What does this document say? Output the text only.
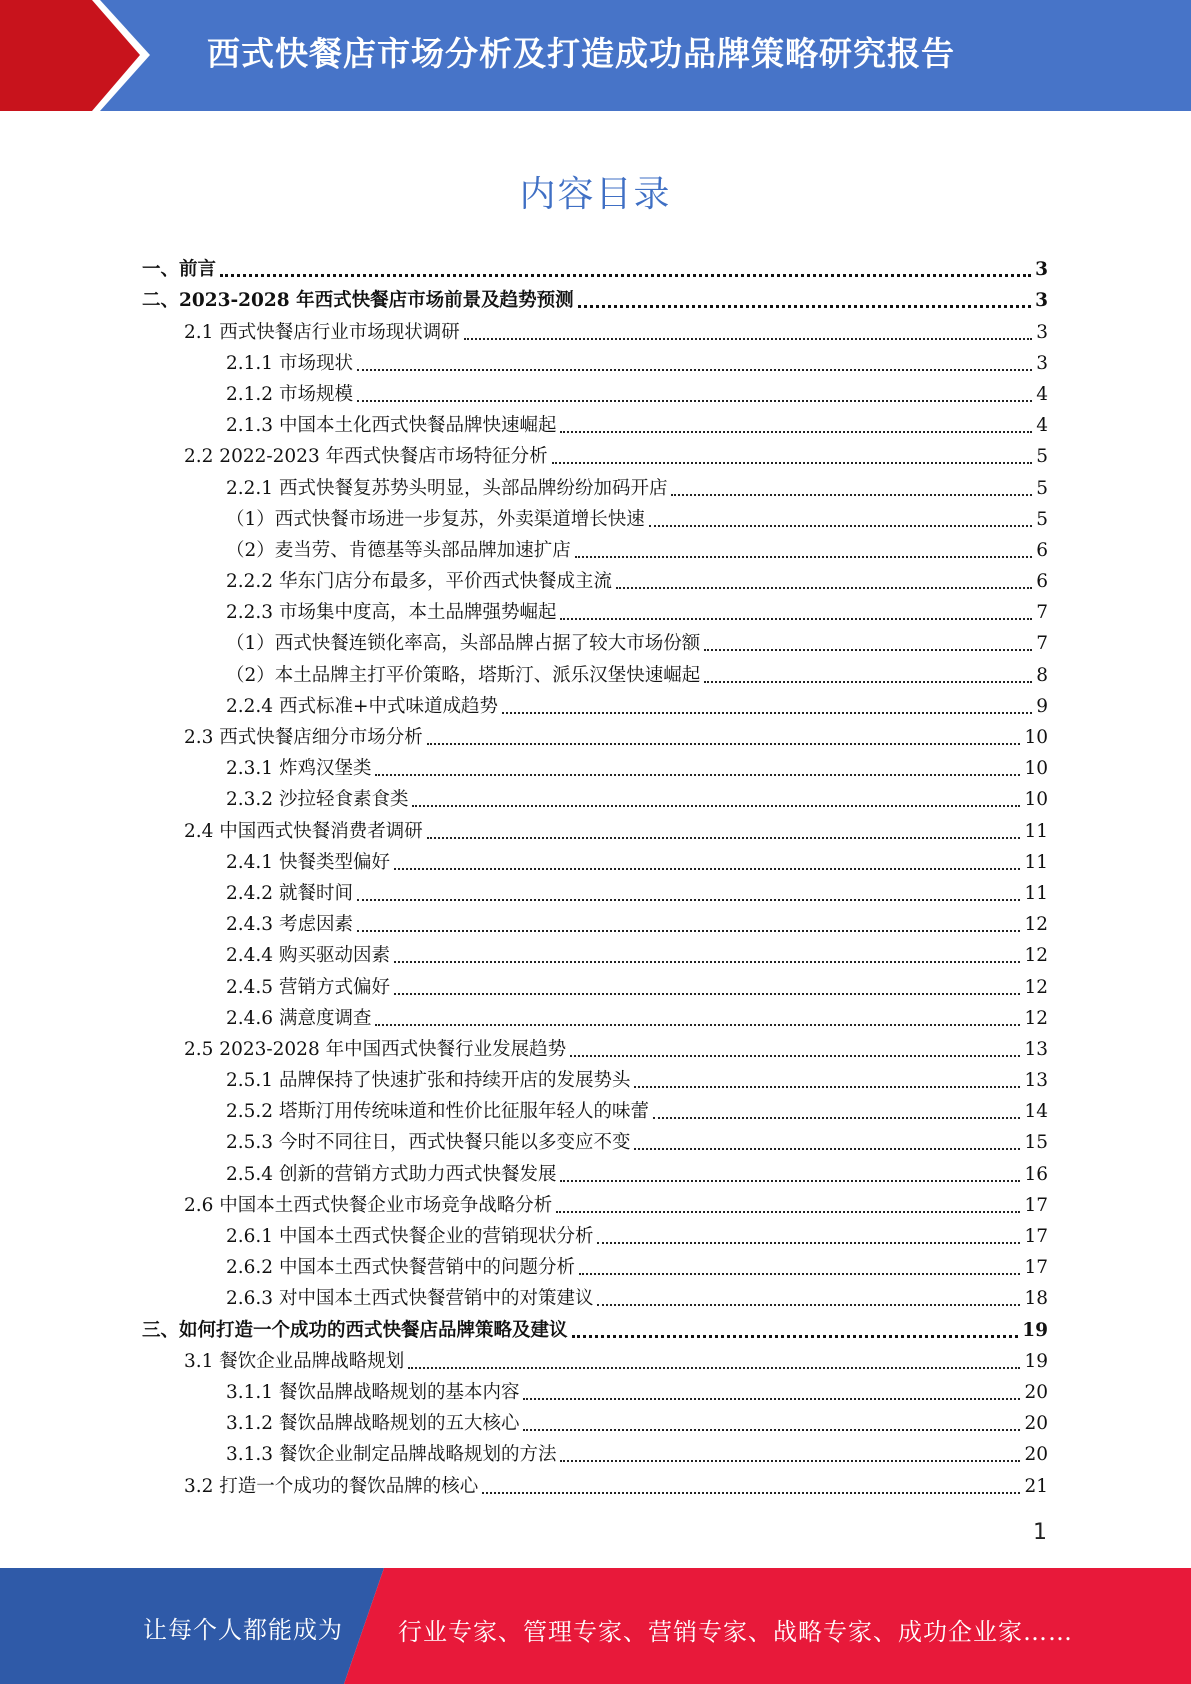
西式快餐店市场分析及打造成功品牌策略研究报告
内容目录
一、前言	3
二、2023-2028 年西式快餐店市场前景及趋势预测	3
2.1 西式快餐店行业市场现状调研	3
2.1.1 市场现状	3
2.1.2 市场规模	4
2.1.3 中国本土化西式快餐品牌快速崛起	4
2.2 2022-2023 年西式快餐店市场特征分析	5
2.2.1 西式快餐复苏势头明显，头部品牌纷纷加码开店	5
（1）西式快餐市场进一步复苏，外卖渠道增长快速	5
（2）麦当劳、肯德基等头部品牌加速扩店	6
2.2.2 华东门店分布最多，平价西式快餐成主流	6
2.2.3 市场集中度高，本土品牌强势崛起	7
（1）西式快餐连锁化率高，头部品牌占据了较大市场份额	7
（2）本土品牌主打平价策略，塔斯汀、派乐汉堡快速崛起	8
2.2.4 西式标准+中式味道成趋势	9
2.3 西式快餐店细分市场分析	10
2.3.1 炸鸡汉堡类	10
2.3.2 沙拉轻食素食类	10
2.4 中国西式快餐消费者调研	11
2.4.1 快餐类型偏好	11
2.4.2 就餐时间	11
2.4.3 考虑因素	12
2.4.4 购买驱动因素	12
2.4.5 营销方式偏好	12
2.4.6 满意度调查	12
2.5 2023-2028 年中国西式快餐行业发展趋势	13
2.5.1 品牌保持了快速扩张和持续开店的发展势头	13
2.5.2 塔斯汀用传统味道和性价比征服年轻人的味蕾	14
2.5.3 今时不同往日，西式快餐只能以多变应不变	15
2.5.4 创新的营销方式助力西式快餐发展	16
2.6 中国本土西式快餐企业市场竞争战略分析	17
2.6.1 中国本土西式快餐企业的营销现状分析	17
2.6.2 中国本土西式快餐营销中的问题分析	17
2.6.3 对中国本土西式快餐营销中的对策建议	18
三、如何打造一个成功的西式快餐店品牌策略及建议	19
3.1 餐饮企业品牌战略规划	19
3.1.1 餐饮品牌战略规划的基本内容	20
3.1.2 餐饮品牌战略规划的五大核心	20
3.1.3 餐饮企业制定品牌战略规划的方法	20
3.2 打造一个成功的餐饮品牌的核心	21
1
让每个人都能成为 行业专家、管理专家、营销专家、战略专家、成功企业家……
